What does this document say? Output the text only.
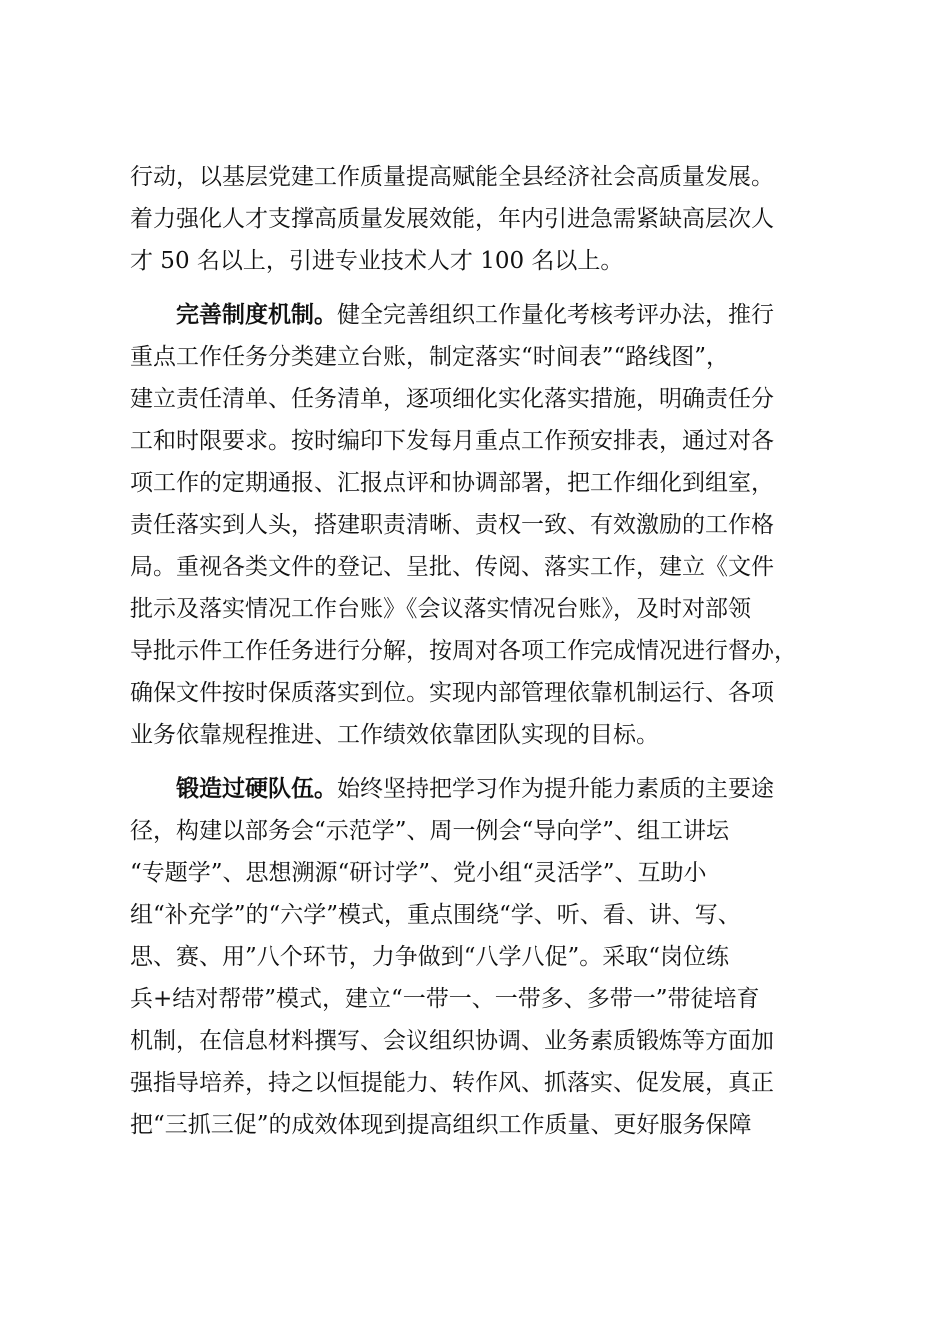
行动，以基层党建工作质量提高赋能全县经济社会高质量发展。
着力强化人才支撑高质量发展效能，年内引进急需紧缺高层次人
才 50 名以上，引进专业技术人才 100 名以上。
完善制度机制。健全完善组织工作量化考核考评办法，推行
重点工作任务分类建立台账，制定落实“时间表”“路线图”，
建立责任清单、任务清单，逐项细化实化落实措施，明确责任分
工和时限要求。按时编印下发每月重点工作预安排表，通过对各
项工作的定期通报、汇报点评和协调部署，把工作细化到组室，
责任落实到人头，搭建职责清晰、责权一致、有效激励的工作格
局。重视各类文件的登记、呈批、传阅、落实工作，建立《文件
批示及落实情况工作台账》《会议落实情况台账》，及时对部领
导批示件工作任务进行分解，按周对各项工作完成情况进行督办，
确保文件按时保质落实到位。实现内部管理依靠机制运行、各项
业务依靠规程推进、工作绩效依靠团队实现的目标。
锻造过硬队伍。始终坚持把学习作为提升能力素质的主要途
径，构建以部务会“示范学”、周一例会“导向学”、组工讲坛
“专题学”、思想溯源“研讨学”、党小组“灵活学”、互助小
组“补充学”的“六学”模式，重点围绕“学、听、看、讲、写、
思、赛、用”八个环节，力争做到“八学八促”。采取“岗位练
兵+结对帮带”模式，建立“一带一、一带多、多带一”带徒培育
机制，在信息材料撰写、会议组织协调、业务素质锻炼等方面加
强指导培养，持之以恒提能力、转作风、抓落实、促发展，真正
把“三抓三促”的成效体现到提高组织工作质量、更好服务保障
